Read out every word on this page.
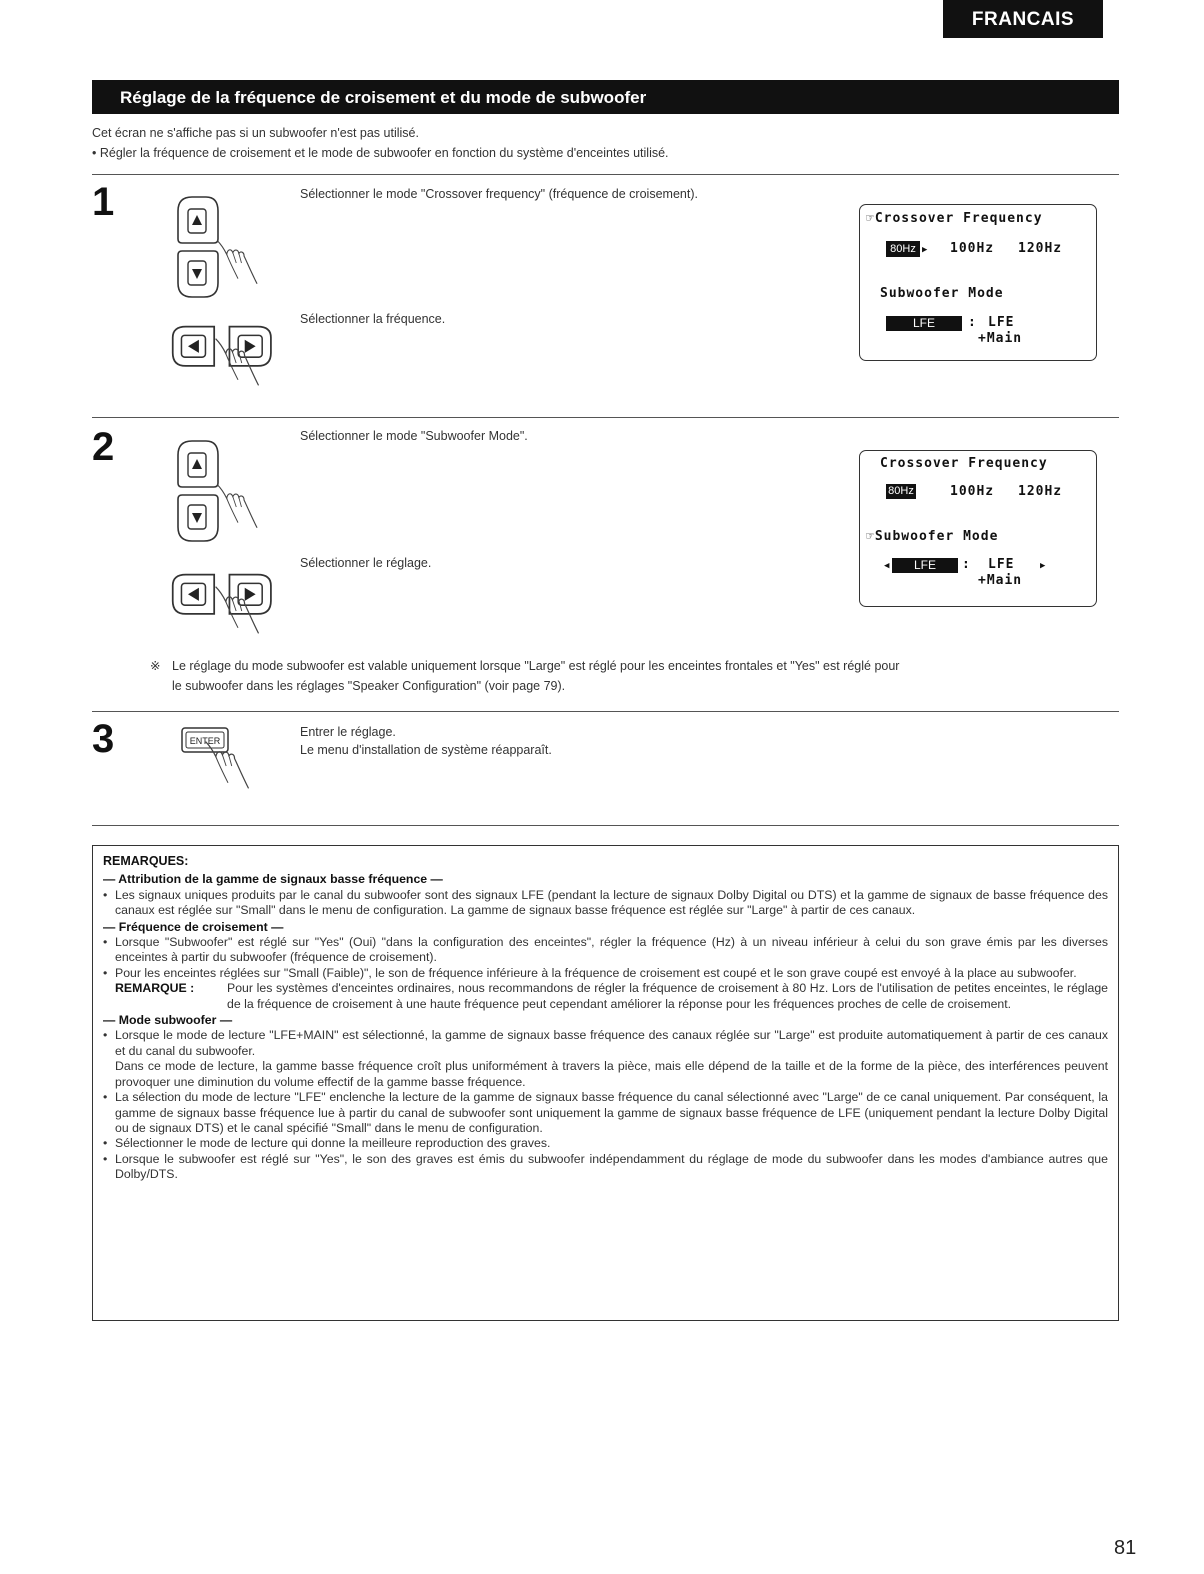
FRANCAIS
Réglage de la fréquence de croisement et du mode de subwoofer

Cet écran ne s'affiche pas si un subwoofer n'est pas utilisé.

• Régler la fréquence de croisement et le mode de subwoofer en fonction du système d'enceintes utilisé.

1	Sélectionner le mode "Crossover frequency" (fréquence de croisement).
Sélectionner la fréquence.
☞Crossover Frequency
80Hz ▶ 100Hz 120Hz
Subwoofer Mode
LFE	: LFE
+Main
2	Sélectionner le mode "Subwoofer Mode".
Sélectionner le réglage.
Crossover Frequency
80Hz	100Hz 120Hz
☞Subwoofer Mode
◀	LFE	: LFE	▶
+Main
※ Le réglage du mode subwoofer est valable uniquement lorsque "Large" est réglé pour les enceintes frontales et "Yes" est réglé pour
le subwoofer dans les réglages "Speaker Configuration" (voir page 79).
3	ENTER
Entrer le réglage.
Le menu d'installation de système réapparaît.
REMARQUES:
— Attribution de la gamme de signaux basse fréquence —
• Les signaux uniques produits par le canal du subwoofer sont des signaux LFE (pendant la lecture de signaux Dolby Digital ou DTS) et la gamme de signaux de basse fréquence des canaux est réglée sur "Small" dans le menu de configuration. La gamme de signaux basse fréquence est réglée sur "Large" à partir de ces canaux.
— Fréquence de croisement —
• Lorsque "Subwoofer" est réglé sur "Yes" (Oui) "dans la configuration des enceintes", régler la fréquence (Hz) à un niveau inférieur à celui du son grave émis par les diverses enceintes à partir du subwoofer (fréquence de croisement).
• Pour les enceintes réglées sur "Small (Faible)", le son de fréquence inférieure à la fréquence de croisement est coupé et le son grave coupé est envoyé à la place au subwoofer.
REMARQUE :	Pour les systèmes d'enceintes ordinaires, nous recommandons de régler la fréquence de croisement à 80 Hz. Lors de l'utilisation de petites enceintes, le réglage de la fréquence de croisement à une haute fréquence peut cependant améliorer la réponse pour les fréquences proches de celle de croisement.
— Mode subwoofer —
• Lorsque le mode de lecture "LFE+MAIN" est sélectionné, la gamme de signaux basse fréquence des canaux réglée sur "Large" est produite automatiquement à partir de ces canaux et du canal du subwoofer.
Dans ce mode de lecture, la gamme basse fréquence croît plus uniformément à travers la pièce, mais elle dépend de la taille et de la forme de la pièce, des interférences peuvent provoquer une diminution du volume effectif de la gamme basse fréquence.
• La sélection du mode de lecture "LFE" enclenche la lecture de la gamme de signaux basse fréquence du canal sélectionné avec "Large" de ce canal uniquement. Par conséquent, la gamme de signaux basse fréquence lue à partir du canal de subwoofer sont uniquement la gamme de signaux basse fréquence de LFE (uniquement pendant la lecture Dolby Digital ou de signaux DTS) et le canal spécifié "Small" dans le menu de configuration.
• Sélectionner le mode de lecture qui donne la meilleure reproduction des graves.
• Lorsque le subwoofer est réglé sur "Yes", le son des graves est émis du subwoofer indépendamment du réglage de mode du subwoofer dans les modes d'ambiance autres que Dolby/DTS.
81
